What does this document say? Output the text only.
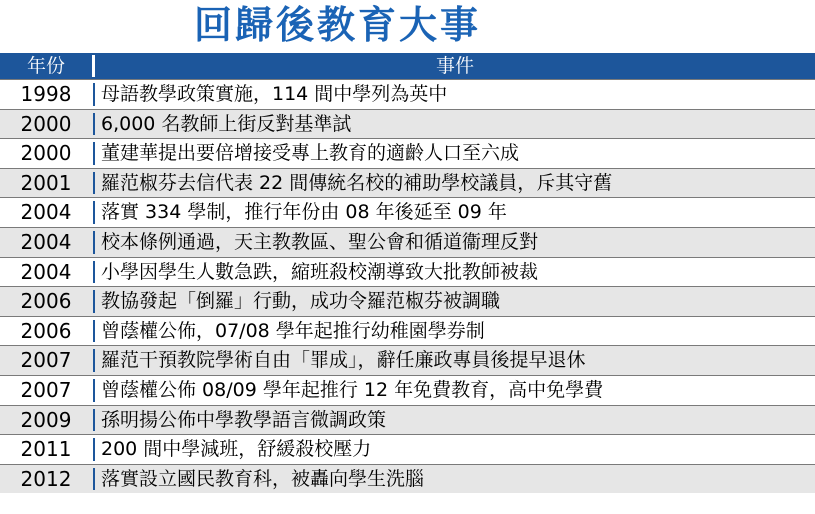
回歸後教育大事
年份	事件
1998	母語教學政策實施，114 間中學列為英中
2000	6,000 名教師上街反對基準試
2000	董建華提出要倍增接受專上教育的適齡人口至六成
2001	羅范椒芬去信代表 22 間傳統名校的補助學校議員，斥其守舊
2004	落實 334 學制，推行年份由 08 年後延至 09 年
2004	校本條例通過，天主教教區、聖公會和循道衞理反對
2004	小學因學生人數急跌，縮班殺校潮導致大批教師被裁
2006	教協發起「倒羅」行動，成功令羅范椒芬被調職
2006	曾蔭權公佈，07/08 學年起推行幼稚園學券制
2007	羅范干預教院學術自由「罪成」，辭任廉政專員後提早退休
2007	曾蔭權公佈 08/09 學年起推行 12 年免費教育，高中免學費
2009	孫明揚公佈中學教學語言微調政策
2011	200 間中學減班，舒緩殺校壓力
2012	落實設立國民教育科，被轟向學生洗腦
